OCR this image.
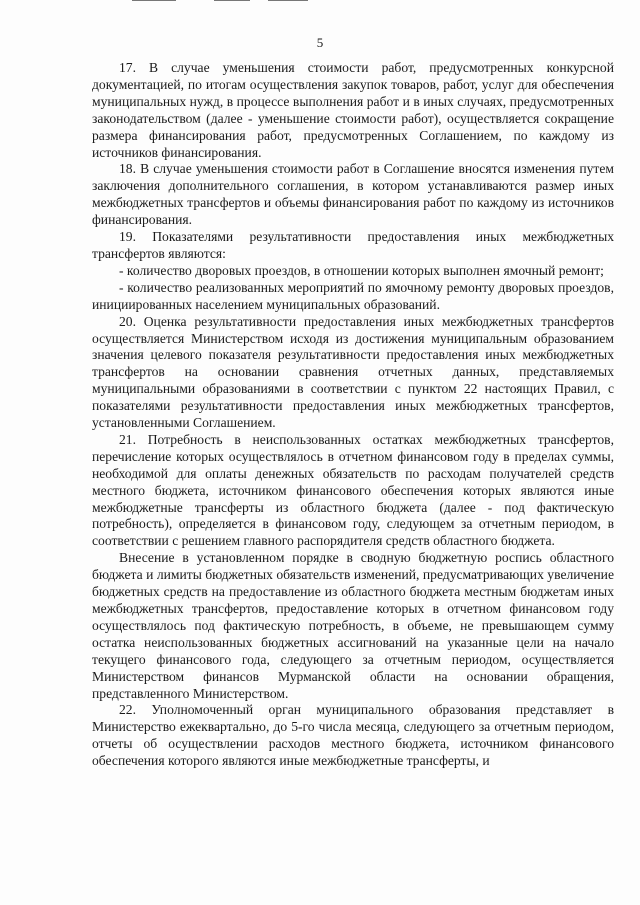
5

17. В случае уменьшения стоимости работ, предусмотренных конкурсной документацией, по итогам осуществления закупок товаров, работ, услуг для обеспечения муниципальных нужд, в процессе выполнения работ и в иных случаях, предусмотренных законодательством (далее - уменьшение стоимости работ), осуществляется сокращение размера финансирования работ, предусмотренных Соглашением, по каждому из источников финансирования.

18. В случае уменьшения стоимости работ в Соглашение вносятся изменения путем заключения дополнительного соглашения, в котором устанавливаются размер иных межбюджетных трансфертов и объемы финансирования работ по каждому из источников финансирования.

19. Показателями результативности предоставления иных межбюджетных трансфертов являются:

- количество дворовых проездов, в отношении которых выполнен ямочный ремонт;

- количество реализованных мероприятий по ямочному ремонту дворовых проездов, инициированных населением муниципальных образований.

20. Оценка результативности предоставления иных межбюджетных трансфертов осуществляется Министерством исходя из достижения муниципальным образованием значения целевого показателя результативности предоставления иных межбюджетных трансфертов на основании сравнения отчетных данных, представляемых муниципальными образованиями в соответствии с пунктом 22 настоящих Правил, с показателями результативности предоставления иных межбюджетных трансфертов, установленными Соглашением.

21. Потребность в неиспользованных остатках межбюджетных трансфертов, перечисление которых осуществлялось в отчетном финансовом году в пределах суммы, необходимой для оплаты денежных обязательств по расходам получателей средств местного бюджета, источником финансового обеспечения которых являются иные межбюджетные трансферты из областного бюджета (далее - под фактическую потребность), определяется в финансовом году, следующем за отчетным периодом, в соответствии с решением главного распорядителя средств областного бюджета.

Внесение в установленном порядке в сводную бюджетную роспись областного бюджета и лимиты бюджетных обязательств изменений, предусматривающих увеличение бюджетных средств на предоставление из областного бюджета местным бюджетам иных межбюджетных трансфертов, предоставление которых в отчетном финансовом году осуществлялось под фактическую потребность, в объеме, не превышающем сумму остатка неиспользованных бюджетных ассигнований на указанные цели на начало текущего финансового года, следующего за отчетным периодом, осуществляется Министерством финансов Мурманской области на основании обращения, представленного Министерством.

22. Уполномоченный орган муниципального образования представляет в Министерство ежеквартально, до 5-го числа месяца, следующего за отчетным периодом, отчеты об осуществлении расходов местного бюджета, источником финансового обеспечения которого являются иные межбюджетные трансферты, и
